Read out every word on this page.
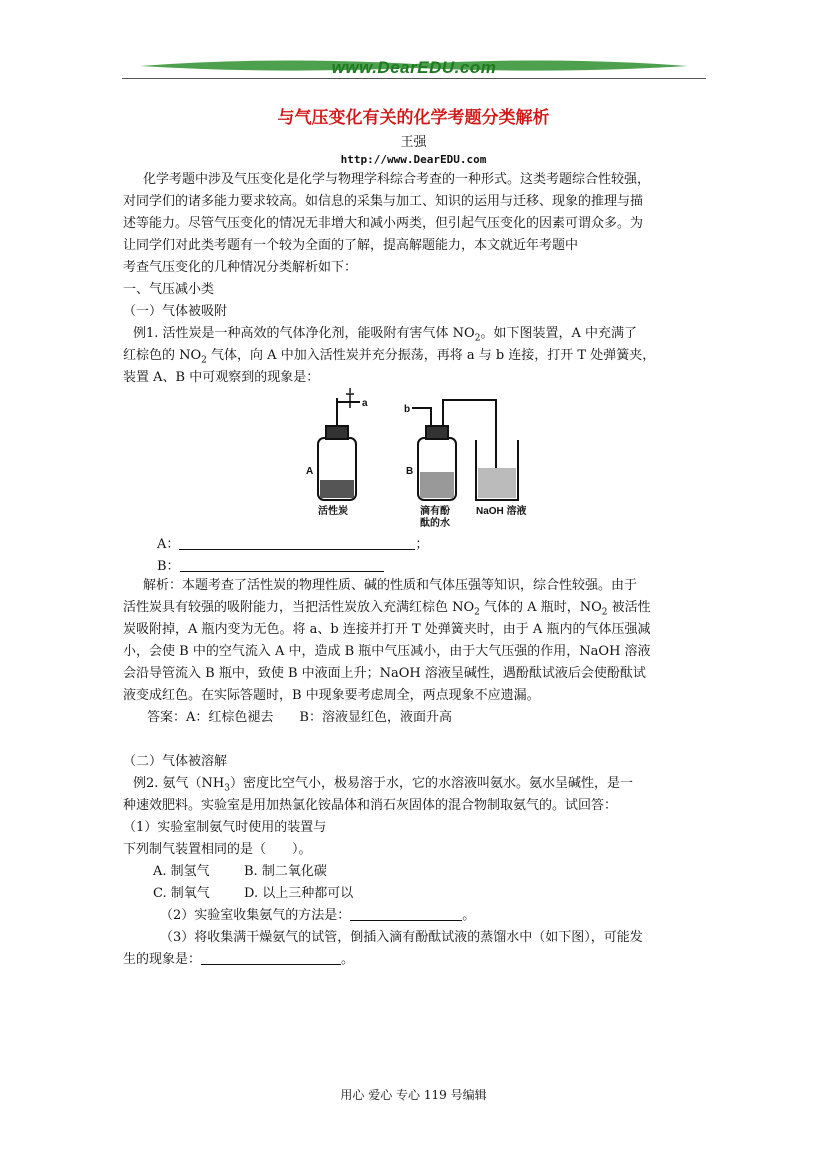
www.DearEDU.com
与气压变化有关的化学考题分类解析
王强
http://www.DearEDU.com
化学考题中涉及气压变化是化学与物理学科综合考查的一种形式。这类考题综合性较强，
对同学们的诸多能力要求较高。如信息的采集与加工、知识的运用与迁移、现象的推理与描
述等能力。尽管气压变化的情况无非增大和减小两类，但引起气压变化的因素可谓众多。为
让同学们对此类考题有一个较为全面的了解，提高解题能力，本文就近年考题中
考查气压变化的几种情况分类解析如下：
一、气压减小类
（一）气体被吸附
例1. 活性炭是一种高效的气体净化剂，能吸附有害气体 $NO_2$。如下图装置，A 中充满了
红棕色的 $NO_2$ 气体，向 A 中加入活性炭并充分振荡，再将 a 与 b 连接，打开 T 处弹簧夹，
装置 A、B 中可观察到的现象是：
T
a
b
A	B
活性炭	滴有酚
酞的水
NaOH 溶液
A：	；
B：
解析：本题考查了活性炭的物理性质、碱的性质和气体压强等知识，综合性较强。由于
活性炭具有较强的吸附能力，当把活性炭放入充满红棕色 $NO_2$ 气体的 A 瓶时，$NO_2$ 被活性
炭吸附掉，A 瓶内变为无色。将 a、b 连接并打开 T 处弹簧夹时，由于 A 瓶内的气体压强减
小，会使 B 中的空气流入 A 中，造成 B 瓶中气压减小，由于大气压强的作用，NaOH 溶液
会沿导管流入 B 瓶中，致使 B 中液面上升；NaOH 溶液呈碱性，遇酚酞试液后会使酚酞试
液变成红色。在实际答题时，B 中现象要考虑周全，两点现象不应遗漏。
答案：A：红棕色褪去　　B：溶液显红色，液面升高
（二）气体被溶解
例2. 氨气$(NH_3)$密度比空气小，极易溶于水，它的水溶液叫氨水。氨水呈碱性，是一
种速效肥料。实验室是用加热氯化铵晶体和消石灰固体的混合物制取氨气的。试回答：
（1）实验室制氨气时使用的装置与
下列制气装置相同的是（　　）。
A. 制氢气	B. 制二氧化碳
C. 制氧气	D. 以上三种都可以
（2）实验室收集氨气的方法是：	。
（3）将收集满干燥氨气的试管，倒插入滴有酚酞试液的蒸馏水中（如下图），可能发
生的现象是：	。
用心 爱心 专心 119 号编辑
